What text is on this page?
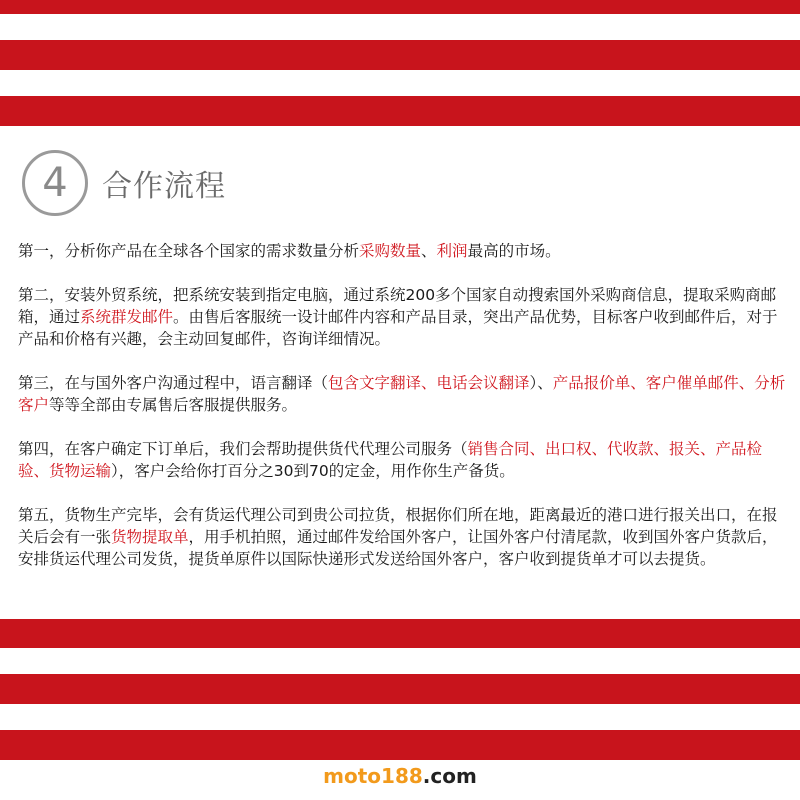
4 合作流程

第一，分析你产品在全球各个国家的需求数量分析采购数量、利润最高的市场。

第二，安装外贸系统，把系统安装到指定电脑，通过系统200多个国家自动搜索国外采购商信息，提取采购商邮箱，通过系统群发邮件。由售后客服统一设计邮件内容和产品目录，突出产品优势，目标客户收到邮件后，对于产品和价格有兴趣，会主动回复邮件，咨询详细情况。

第三，在与国外客户沟通过程中，语言翻译（包含文字翻译、电话会议翻译）、产品报价单、客户催单邮件、分析客户等等全部由专属售后客服提供服务。

第四，在客户确定下订单后，我们会帮助提供货代代理公司服务（销售合同、出口权、代收款、报关、产品检验、货物运输），客户会给你打百分之30到70的定金，用作你生产备货。

第五，货物生产完毕，会有货运代理公司到贵公司拉货，根据你们所在地，距离最近的港口进行报关出口，在报关后会有一张货物提取单，用手机拍照，通过邮件发给国外客户，让国外客户付清尾款，收到国外客户货款后，安排货运代理公司发货，提货单原件以国际快递形式发送给国外客户，客户收到提货单才可以去提货。

moto188.com
